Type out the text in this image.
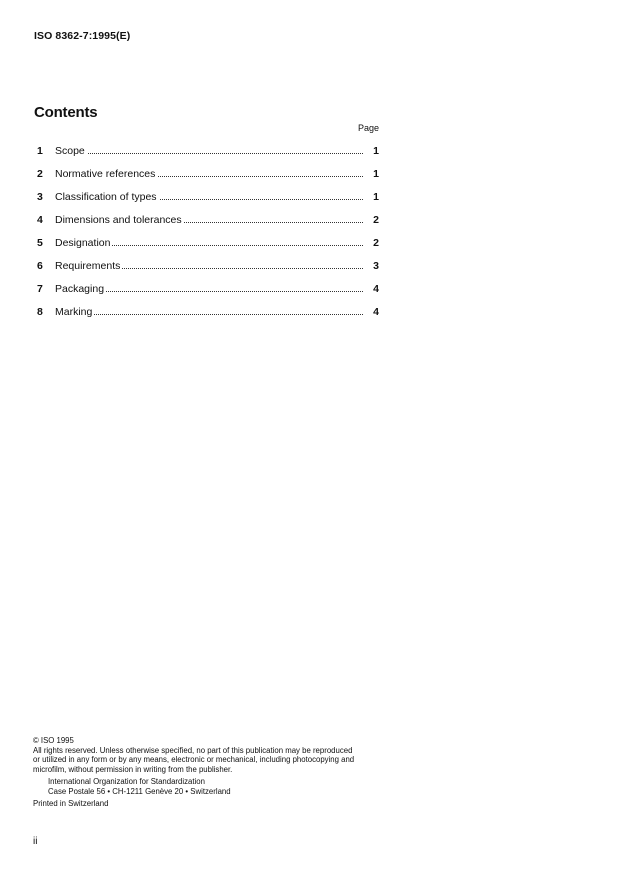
ISO 8362-7:1995(E)
Contents
Page
1 Scope	1
2 Normative references	1
3 Classification of types	1
4 Dimensions and tolerances	2
5 Designation	2
6 Requirements	3
7 Packaging	4
8 Marking	4
© ISO 1995
All rights reserved. Unless otherwise specified, no part of this publication may be reproduced
or utilized in any form or by any means, electronic or mechanical, including photocopying and
microfilm, without permission in writing from the publisher.
International Organization for Standardization
Case Postale 56 • CH-1211 Genève 20 • Switzerland
Printed in Switzerland
ii
